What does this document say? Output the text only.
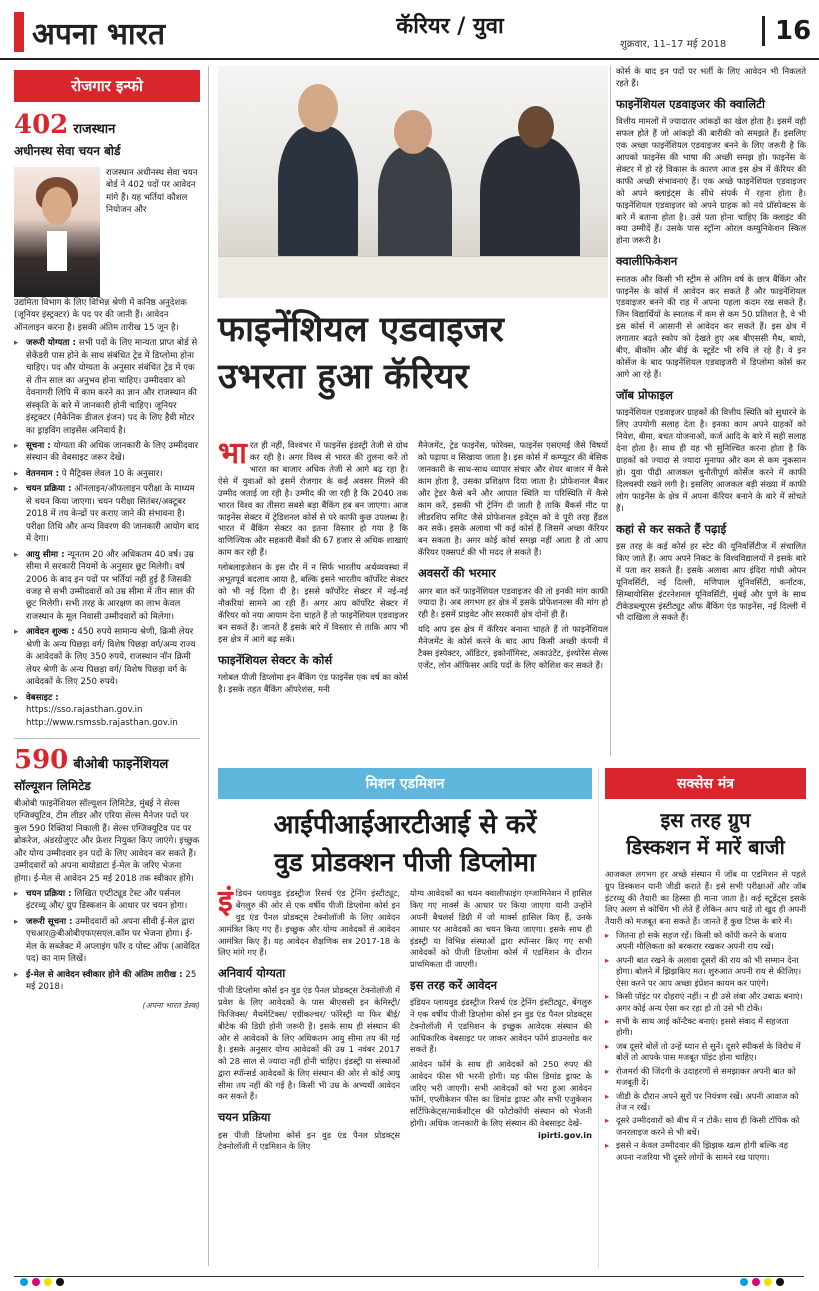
अपना भारत	कॅरियर / युवा
शुक्रवार, 11–17 मई 2018	16
रोजगार इन्फो
402 राजस्थान
अधीनस्थ सेवा चयन बोर्ड
राजस्थान अधीनस्थ सेवा चयन बोर्ड ने 402 पदों पर आवेदन मांगे हैं। यह भर्तियां कौशल नियोजन और
उद्यमिता विभाग के लिए विभिन्न श्रेणी में कनिष्ठ अनुदेशक (जूनियर इंस्ट्रक्टर) के पद पर की जानी हैं। आवेदन ऑनलाइन करना है। इसकी अंतिम तारीख 15 जून है।
▸ जरूरी योग्यता : सभी पदों के लिए मान्यता प्राप्त बोर्ड से सेकेंडरी पास होने के साथ संबंधित ट्रेड में डिप्लोमा होना चाहिए। पद और योग्यता के अनुसार संबंधित ट्रेड में एक से तीन साल का अनुभव होना चाहिए। उम्मीदवार को देवनागरी लिपि में काम करने का ज्ञान और राजस्थान की संस्कृति के बारे में जानकारी होनी चाहिए। जूनियर इंस्ट्रक्टर (मैकेनिक डीजल इंजन) पद के लिए हैवी मोटर का ड्राइविंग लाइसेंस अनिवार्य है।
▸ सूचना : योग्यता की अधिक जानकारी के लिए उम्मीदवार संस्थान की वेबसाइट जरूर देखें।
▸ वेतनमान : पे मैट्रिक्स लेवल 10 के अनुसार।
▸ चयन प्रक्रिया : ऑनलाइन/ऑफलाइन परीक्षा के माध्यम से चयन किया जाएगा। चयन परीक्षा सितंबर/अक्टूबर 2018 में तय केन्द्रों पर कराए जाने की संभावना है। परीक्षा तिथि और अन्य विवरण की जानकारी आयोग बाद में देगा।
▸ आयु सीमा : न्यूनतम 20 और अधिकतम 40 वर्ष। उम्र सीमा में सरकारी नियमों के अनुसार छूट मिलेगी। वर्ष 2006 के बाद इन पदों पर भर्तियां नहीं हुई हैं जिसकी वजह से सभी उम्मीदवारों को उम्र सीमा में तीन साल की छूट मिलेगी। सभी तरह के आरक्षण का लाभ केवल राजस्थान के मूल निवासी उम्मीदवारों को मिलेगा।
▸ आवेदन शुल्क : 450 रुपये सामान्य श्रेणी, क्रिमी लेयर श्रेणी के अन्य पिछड़ा वर्ग/ विशेष पिछड़ा वर्ग/अन्य राज्य के आवेदकों के लिए 350 रुपये, राजस्थान नॉन क्रिमी लेयर श्रेणी के अन्य पिछड़ा वर्ग/ विशेष पिछड़ा वर्ग के आवेदकों के लिए 250 रुपये।
▸ वेबसाइट :
https://sso.rajasthan.gov.in
http://www.rsmssb.rajasthan.gov.in
590 बीओबी फाइनेंशियल
सॉल्यूशन लिमिटेड
बीओबी फाइनेंशियल सॉल्यूशन लिमिटेड, मुंबई ने सेल्स एग्जिक्यूटिव, टीम लीडर और एरिया सेल्स मैनेजर पदों पर कुल 590 रिक्तियां निकाली हैं। सेल्स एग्जिक्यूटिव पद पर ब्रोकरेज, अंडरग्रेजुएट और फ्रेशर नियुक्त किए जाएंगे। इच्छुक और योग्य उम्मीदवार इन पदों के लिए आवेदन कर सकते हैं। उम्मीदवारों को अपना बायोडाटा ई-मेल के जरिए भेजना होगा। ई-मेल से आवेदन 25 मई 2018 तक स्वीकार होंगे।
▸ चयन प्रक्रिया : लिखित एप्टीट्यूड टेस्ट और पर्सनल इंटरव्यू और/ ग्रुप डिस्कशन के आधार पर चयन होगा।
▸ जरूरी सूचना : उम्मीदवारों को अपना सीवी ई-मेल द्वारा एचआर@बीओबीएफएसएल.कॉम पर भेजना होगा। ई-मेल के सब्जेक्ट में अप्लाइंग फॉर द पोस्ट ऑफ (आवेदित पद) का नाम लिखें।
▸ ई-मेल से आवेदन स्वीकार होने की अंतिम तारीख : 25 मई 2018।
(अपना भारत डेस्क)
फाइनेंशियल एडवाइजर
उभरता हुआ कॅरियर

भारत ही नहीं, विश्वभर में फाइनेंस इंडस्ट्री तेजी से ग्रोथ कर रही है। अगर विश्व से भारत की तुलना करें तो भारत का बाजार अधिक तेजी से आगे बढ़ रहा है। ऐसे में युवाओं को इसमें रोजगार के कई अवसर मिलने की उम्मीद जताई जा रही है। उम्मीद की जा रही है कि 2040 तक भारत विश्व का तीसरा सबसे बड़ा बैंकिंग हब बन जाएगा। आज फाइनेंस सेक्टर में ट्रेडिशनल कोर्स से परे काफी कुछ उपलब्ध है। भारत में बैंकिंग सेक्टर का इतना विस्तार हो गया है कि वाणिज्यिक और सहकारी बैंकों की 67 हजार से अधिक शाखाएं काम कर रही हैं।

ग्लोबलाइजेशन के इस दौर में न सिर्फ भारतीय अर्थव्यवस्था में अभूतपूर्व बदलाव आया है, बल्कि इसने भारतीय कॉर्पोरेट सेक्टर को भी नई दिशा दी है। इससे कॉर्पोरेट सेक्टर में नई-नई नौकरियां सामने आ रही हैं। अगर आप कॉर्पोरेट सेक्टर में कॅरियर को नया आयाम देना चाहते हैं तो फाइनेंशियल एडवाइजर बन सकते हैं। जानते हैं इसके बारे में विस्तार से ताकि आप भी इस क्षेत्र में आगे बढ़ सकें।

फाइनेंशियल सेक्टर के कोर्स

ग्लोबल पीजी डिप्लोमा इन बैंकिंग एंड फाइनेंस एक वर्ष का कोर्स है। इसके तहत बैंकिंग ऑपरेशंस, मनी

मैनेजमेंट, ट्रेड फाइनेंस, फोरेक्स, फाइनेंस एसएमई जैसे विषयों को पढ़ाया व सिखाया जाता है। इस कोर्स में कम्प्यूटर की बेसिक जानकारी के साथ-साथ व्यापार संचार और शेयर बाजार में कैसे काम होता है, उसका प्रशिक्षण दिया जाता है। प्रोफेशनल बैंकर और ट्रेडर कैसे बनें और आपात स्थिति या परिस्थिति में कैसे काम करें, इसकी भी ट्रेनिंग दी जाती है ताकि बैंकर्स मीट या लीडरशिप समिट जैसे प्रोफेशनल इवेंट्स को वे पूरी तरह हैंडल कर सकें। इसके अलावा भी कई कोर्स हैं जिसमें अच्छा कॅरियर बन सकता है। अगर कोई कोर्स समझ नहीं आता है तो आप कॅरियर एक्सपर्ट की भी मदद ले सकते हैं।

अवसरों की भरमार

अगर बात करें फाइनेंशियल एडवाइजर की तो इनकी मांग काफी ज्यादा है। अब लगभग हर क्षेत्र में इसके प्रोफेशनल्स की मांग हो रही है। इसमें प्राइवेट और सरकारी क्षेत्र दोनों ही हैं।

यदि आप इस क्षेत्र में कॅरियर बनाना चाहते हैं तो फाइनेंशियल मैनेजमेंट के कोर्स करने के बाद आप किसी अच्छी कंपनी में टैक्स इंस्पेक्टर, ऑडिटर, इकोनॉमिस्ट, अकाउंटेंट, इंश्योरेंस सेल्स एजेंट, लोन ऑफिसर आदि पदों के लिए कोशिश कर सकते हैं।

कोर्स के बाद इन पदों पर भर्ती के लिए आवेदन भी निकलते रहते हैं।

फाइनेंशियल एडवाइजर की क्वालिटी

वित्तीय मामलों में ज्यादातर आंकड़ों का खेल होता है। इसमें वही सफल होते हैं जो आंकड़ों की बारीकी को समझते हैं। इसलिए एक अच्छा फाइनेंशियल एडवाइजर बनने के लिए जरूरी है कि आपको फाइनेंस की भाषा की अच्छी समझ हो। फाइनेंस के सेक्टर में हो रहे विकास के कारण आज इस क्षेत्र में कॅरियर की काफी अच्छी संभावनाएं हैं। एक अच्छे फाइनेंशियल एडवाइजर को अपने क्लाइंट्स के सीधे संपर्क में रहना होता है। फाइनेंशियल एडवाइजर को अपने ग्राहक को नये प्रॉस्पेक्टस के बारे में बताना होता है। उसे पता होना चाहिए कि क्लाइंट की क्या उम्मीदें हैं। उसके पास स्ट्रॉन्ग ओरल कम्युनिकेशन स्किल होना जरूरी है।

क्वालीफिकेशन

स्नातक और किसी भी स्ट्रीम से अंतिम वर्ष के छात्र बैंकिंग और फाइनेंस के कोर्स में आवेदन कर सकते हैं और फाइनेंशियल एडवाइजर बनने की राह में अपना पहला कदम रख सकते हैं। जिन विद्यार्थियों के स्नातक में कम से कम 50 प्रतिशत है, वे भी इस कोर्स में आसानी से आवेदन कर सकते हैं। इस क्षेत्र में लगातार बढ़ते स्कोप को देखते हुए अब बीएससी मैथ, बायो, बीए, बीकॉम और बीई के स्टूडेंट भी रुचि ले रहे हैं। वे इन कोर्सेज के बाद फाइनेंशियल एडवाइजरी में डिप्लोमा कोर्स कर आगे आ रहे हैं।

जॉब प्रोफाइल

फाइनेंशियल एडवाइजर ग्राहकों की वित्तीय स्थिति को सुधारने के लिए उपयोगी सलाह देता है। इनका काम अपने ग्राहकों को निवेश, बीमा, बचत योजनाओं, कर्ज आदि के बारे में सही सलाह देना होता है। साथ ही यह भी सुनिश्चित करना होता है कि ग्राहकों को ज्यादा से ज्यादा मुनाफा और कम से कम नुकसान हो। युवा पीढ़ी आजकल चुनौतीपूर्ण कोर्सेज करने में काफी दिलचस्पी रखने लगी है। इसलिए आजकल बड़ी संख्या में काफी लोग फाइनेंस के क्षेत्र में अपना कॅरियर बनाने के बारे में सोचते हैं।

कहां से कर सकते हैं पढ़ाई

इस तरह के कई कोर्स हर स्टेट की यूनिवर्सिटीज में संचालित किए जाते हैं। आप अपने निकट के विश्वविद्यालयों में इसके बारे में पता कर सकते हैं। इसके अलावा आप इंदिरा गांधी ओपन यूनिवर्सिटी, नई दिल्ली, मणिपाल यूनिवर्सिटी, कर्नाटक, सिम्बायोसिस इंटरनेशनल यूनिवर्सिटी, मुंबई और पुणे के साथ टीकेडब्ल्यूएस इंस्टीट्यूट ऑफ बैंकिंग एंड फाइनेंस, नई दिल्ली में भी दाखिला ले सकते हैं।

मिशन एडमिशन
आईपीआईआरटीआई से करें
वुड प्रोडक्शन पीजी डिप्लोमा

इंडियन प्लायवुड इंडस्ट्रीज रिसर्च एंड ट्रेनिंग इंस्टीट्यूट, बेंगलुरु की ओर से एक वर्षीय पीजी डिप्लोमा कोर्स इन वुड एंड पैनल प्रोडक्ट्स टेक्नोलॉजी के लिए आवेदन आमंत्रित किए गए हैं। इच्छुक और योग्य आवेदकों से आवेदन आमंत्रित किए हैं। यह आवेदन शैक्षणिक सत्र 2017-18 के लिए मांगे गए हैं।

अनिवार्य योग्यता

पीजी डिप्लोमा कोर्स इन वुड एंड पैनल प्रोडक्ट्स टेक्नोलॉजी में प्रवेश के लिए आवेदकों के पास बीएससी इन केमिस्ट्री/ फिजिक्स/ मैथमेटिक्स/ एग्रीकल्चर/ फॉरेस्ट्री या फिर बीई/ बीटेक की डिग्री होनी जरूरी है। इसके साथ ही संस्थान की ओर से आवेदकों के लिए अधिकतम आयु सीमा तय की गई है। इसके अनुसार योग्य आवेदकों की उम्र 1 नवंबर 2017 को 28 साल से ज्यादा नहीं होनी चाहिए। इंडस्ट्री या संस्थाओं द्वारा स्पॉन्सर्ड आवेदकों के लिए संस्थान की ओर से कोई आयु सीमा तय नहीं की गई है। किसी भी उम्र के अभ्यर्थी आवेदन कर सकते हैं।

चयन प्रक्रिया

इस पीजी डिप्लोमा कोर्स इन वुड एंड पैनल प्रोडक्ट्स टेक्नोलॉजी में एडमिशन के लिए

योग्य आवेदकों का चयन क्वालीफाइंग एग्जामिनेशन में हासिल किए गए मार्क्स के आधार पर किया जाएगा यानी उन्होंने अपनी बैचलर्स डिग्री में जो मार्क्स हासिल किए हैं, उनके आधार पर आवेदकों का चयन किया जाएगा। इसके साथ ही इंडस्ट्री या विभिन्न संस्थाओं द्वारा स्पॉन्सर किए गए सभी आवेदकों को पीजी डिप्लोमा कोर्स में एडमिशन के दौरान प्राथमिकता दी जाएगी।

इस तरह करें आवेदन

इंडियन प्लायवुड इंडस्ट्रीज रिसर्च एंड ट्रेनिंग इंस्टीट्यूट, बेंगलुरु ने एक वर्षीय पीजी डिप्लोमा कोर्स इन वुड एंड पैनल प्रोडक्ट्स टेक्नोलॉजी में एडमिशन के इच्छुक आवेदक संस्थान की आधिकारिक वेबसाइट पर जाकर आवेदन फॉर्म डाउनलोड कर सकते हैं।

आवेदन फॉर्म के साथ ही आवेदकों को 250 रुपए की आवेदन फीस भी भरनी होगी। यह फीस डिमांड ड्राफ्ट के जरिए भरी जाएगी। सभी आवेदकों को भरा हुआ आवेदन फॉर्म, एप्लीकेशन फीस का डिमांड ड्राफ्ट और सभी एजुकेशन सर्टिफिकेट्स/मार्कशीट्स की फोटोकॉपी संस्थान को भेजनी होगी। अधिक जानकारी के लिए संस्थान की वेबसाइट देखें-

ipirti.gov.in

सक्सेस मंत्र
इस तरह ग्रुप
डिस्कशन में मारें बाजी
आजकल लगभग हर अच्छे संस्थान में जॉब या एडमिशन से पहले ग्रुप डिस्कशन यानी जीडी कराते हैं। इसे सभी परीक्षाओं और जॉब इंटरव्यू की तैयारी का हिस्सा ही माना जाता है। कई स्टूडेंट्स इसके लिए अलग से कोचिंग भी लेते हैं लेकिन आप चाहें तो खुद ही अपनी तैयारी को मजबूत बना सकते हैं। जानते हैं कुछ टिप्स के बारे में।
▸ जितना हो सके सहज रहें। किसी को कॉपी करने के बजाय अपनी मौलिकता को बरकरार रखकर अपनी राय रखें।
▸ अपनी बात रखने के अलावा दूसरों की राय को भी सम्मान देना होगा। बोलने में झिझकिए मत। शुरुआत अपनी राय से कीजिए। ऐसा करने पर आप अच्छा इंप्रेशन कायम कर पाएंगे।
▸ किसी पॉइंट पर दोहराएं नहीं। न ही उसे लंबा और उबाऊ बनाएं। अगर कोई अन्य ऐसा कर रहा हो तो उसे भी टोकें।
▸ सभी के साथ आई कॉन्टैक्ट बनाएं। इससे संवाद में सहजता होगी।
▸ जब दूसरे बोलें तो उन्हें ध्यान से सुनें। दूसरे स्पीकर्स के विरोध में बोलें तो आपके पास मजबूत पॉइंट होना चाहिए।
▸ रोजमर्रा की जिंदगी के उदाहरणों से समझाकर अपनी बात को मजबूती दें।
▸ जीडी के दौरान अपने सुरों पर नियंत्रण रखें। अपनी आवाज को तेज न रखें।
▸ दूसरे उम्मीदवारों को बीच में न टोकें। साथ ही किसी टॉपिक को जनरलाइज करने से भी बचें।
▸ इससे न केवल उम्मीदवार की झिझक खत्म होगी बल्कि वह अपना नजरिया भी दूसरे लोगों के सामने रख पाएगा।
